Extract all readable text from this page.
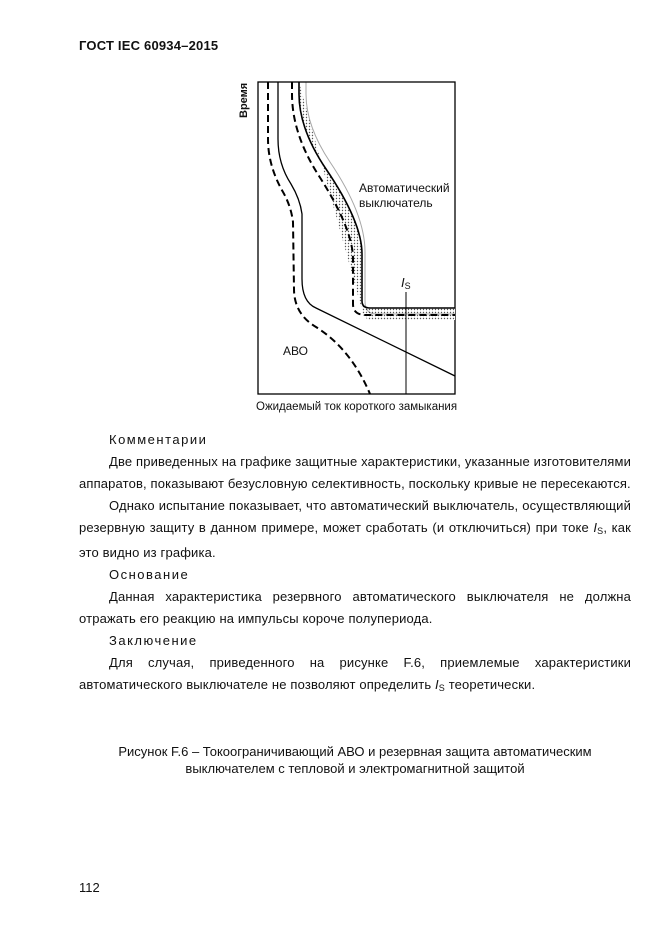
ГОСТ IEC 60934–2015
Время
Автоматический
выключатель
АВО
$I_S$
Ожидаемый ток короткого замыкания

Комментарии

Две приведенных на графике защитные характеристики, указанные изготовителями аппаратов, показывают безусловную селективность, поскольку кривые не пересекаются.

Однако испытание показывает, что автоматический выключатель, осуществляющий резервную защиту в данном примере, может сработать (и отключиться) при токе $I_S$, как это видно из графика.

Основание

Данная характеристика резервного автоматического выключателя не должна отражать его реакцию на импульсы короче полупериода.

Заключение

Для случая, приведенного на рисунке F.6, приемлемые характеристики автоматического выключателе не позволяют определить $I_S$ теоретически.

Рисунок F.6 – Токоограничивающий АВО и резервная защита автоматическим выключателем с тепловой и электромагнитной защитой
112
